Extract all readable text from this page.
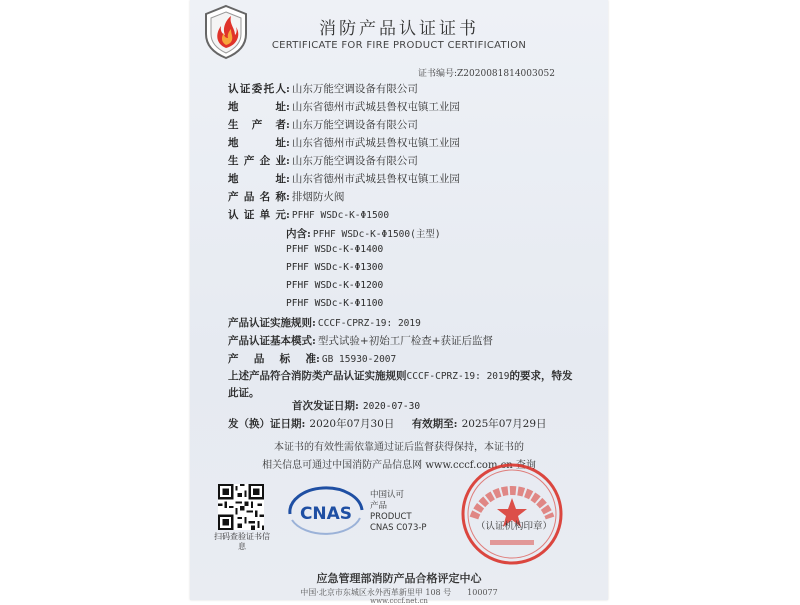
消防产品认证证书
CERTIFICATE FOR FIRE PRODUCT CERTIFICATION
证书编号:Z2020081814003052
认证委托人: 山东万能空调设备有限公司
地址: 山东省德州市武城县鲁权屯镇工业园
生产者: 山东万能空调设备有限公司
地址: 山东省德州市武城县鲁权屯镇工业园
生产企业: 山东万能空调设备有限公司
地址: 山东省德州市武城县鲁权屯镇工业园
产品名称: 排烟防火阀
认证单元: PFHF WSDc-K-Φ1500
内含: PFHF WSDc-K-Φ1500(主型)
PFHF WSDc-K-Φ1400
PFHF WSDc-K-Φ1300
PFHF WSDc-K-Φ1200
PFHF WSDc-K-Φ1100
产品认证实施规则: CCCF-CPRZ-19: 2019
产品认证基本模式: 型式试验+初始工厂检查+获证后监督
产品标准: GB 15930-2007
上述产品符合消防类产品认证实施规则CCCF-CPRZ-19: 2019的要求，特发此证。
首次发证日期: 2020-07-30
发（换）证日期: 2020年07月30日 有效期至: 2025年07月29日
本证书的有效性需依靠通过证后监督获得保持，本证书的
相关信息可通过中国消防产品信息网 www.cccf.com.cn 查询
扫码查验证书信息
CNAS
中国认可
产品
PRODUCT
CNAS C073-P	（认证机构印章）
应急管理部消防产品合格评定中心
中国·北京市东城区永外西革新里甲 108 号　　100077
www.cccf.net.cn
